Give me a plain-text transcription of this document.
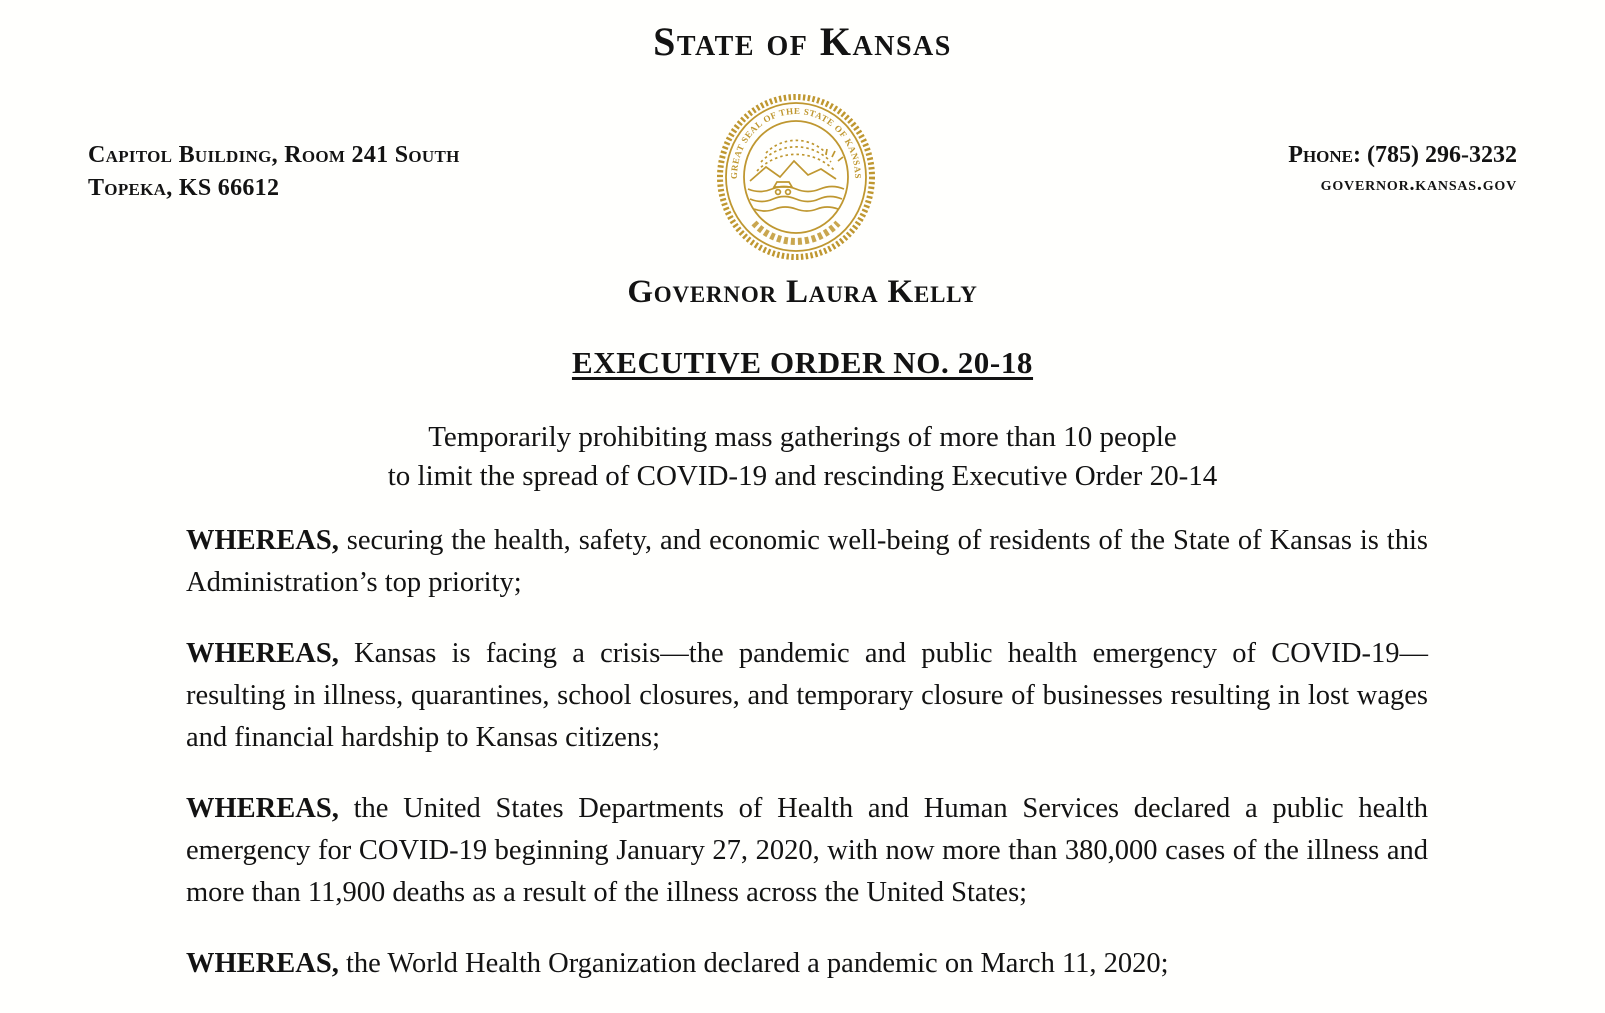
State of Kansas
Capitol Building, Room 241 South
Topeka, KS 66612
Phone: (785) 296-3232
governor.kansas.gov
GREAT SEAL OF THE STATE OF KANSAS
Governor Laura Kelly
EXECUTIVE ORDER NO. 20-18
Temporarily prohibiting mass gatherings of more than 10 people
to limit the spread of COVID-19 and rescinding Executive Order 20-14

WHEREAS, securing the health, safety, and economic well-being of residents of the State of Kansas is this Administration’s top priority;

WHEREAS, Kansas is facing a crisis—the pandemic and public health emergency of COVID-19—resulting in illness, quarantines, school closures, and temporary closure of businesses resulting in lost wages and financial hardship to Kansas citizens;

WHEREAS, the United States Departments of Health and Human Services declared a public health emergency for COVID-19 beginning January 27, 2020, with now more than 380,000 cases of the illness and more than 11,900 deaths as a result of the illness across the United States;

WHEREAS, the World Health Organization declared a pandemic on March 11, 2020;
